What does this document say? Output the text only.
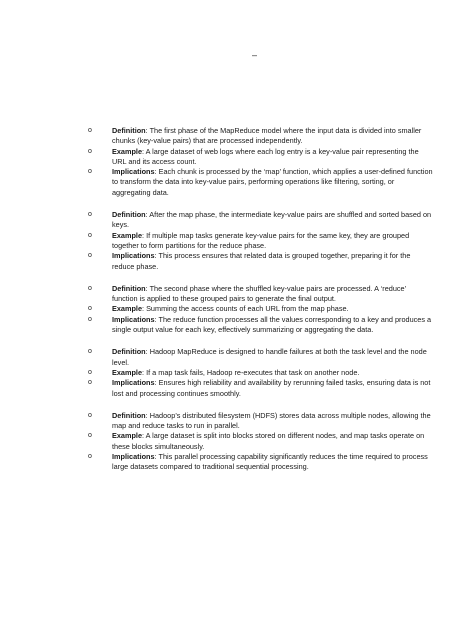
–
o	Definition: The first phase of the MapReduce model where the input data is divided into smaller chunks (key-value pairs) that are processed independently.
o	Example: A large dataset of web logs where each log entry is a key-value pair representing the URL and its access count.
o	Implications: Each chunk is processed by the ‘map’ function, which applies a user-defined function to transform the data into key-value pairs, performing operations like filtering, sorting, or aggregating data.
o	Definition: After the map phase, the intermediate key-value pairs are shuffled and sorted based on keys.
o	Example: If multiple map tasks generate key-value pairs for the same key, they are grouped together to form partitions for the reduce phase.
o	Implications: This process ensures that related data is grouped together, preparing it for the reduce phase.
o	Definition: The second phase where the shuffled key-value pairs are processed. A ‘reduce’ function is applied to these grouped pairs to generate the final output.
o	Example: Summing the access counts of each URL from the map phase.
o	Implications: The reduce function processes all the values corresponding to a key and produces a single output value for each key, effectively summarizing or aggregating the data.
o	Definition: Hadoop MapReduce is designed to handle failures at both the task level and the node level.
o	Example: If a map task fails, Hadoop re-executes that task on another node.
o	Implications: Ensures high reliability and availability by rerunning failed tasks, ensuring data is not lost and processing continues smoothly.
o	Definition: Hadoop’s distributed filesystem (HDFS) stores data across multiple nodes, allowing the map and reduce tasks to run in parallel.
o	Example: A large dataset is split into blocks stored on different nodes, and map tasks operate on these blocks simultaneously.
o	Implications: This parallel processing capability significantly reduces the time required to process large datasets compared to traditional sequential processing.
